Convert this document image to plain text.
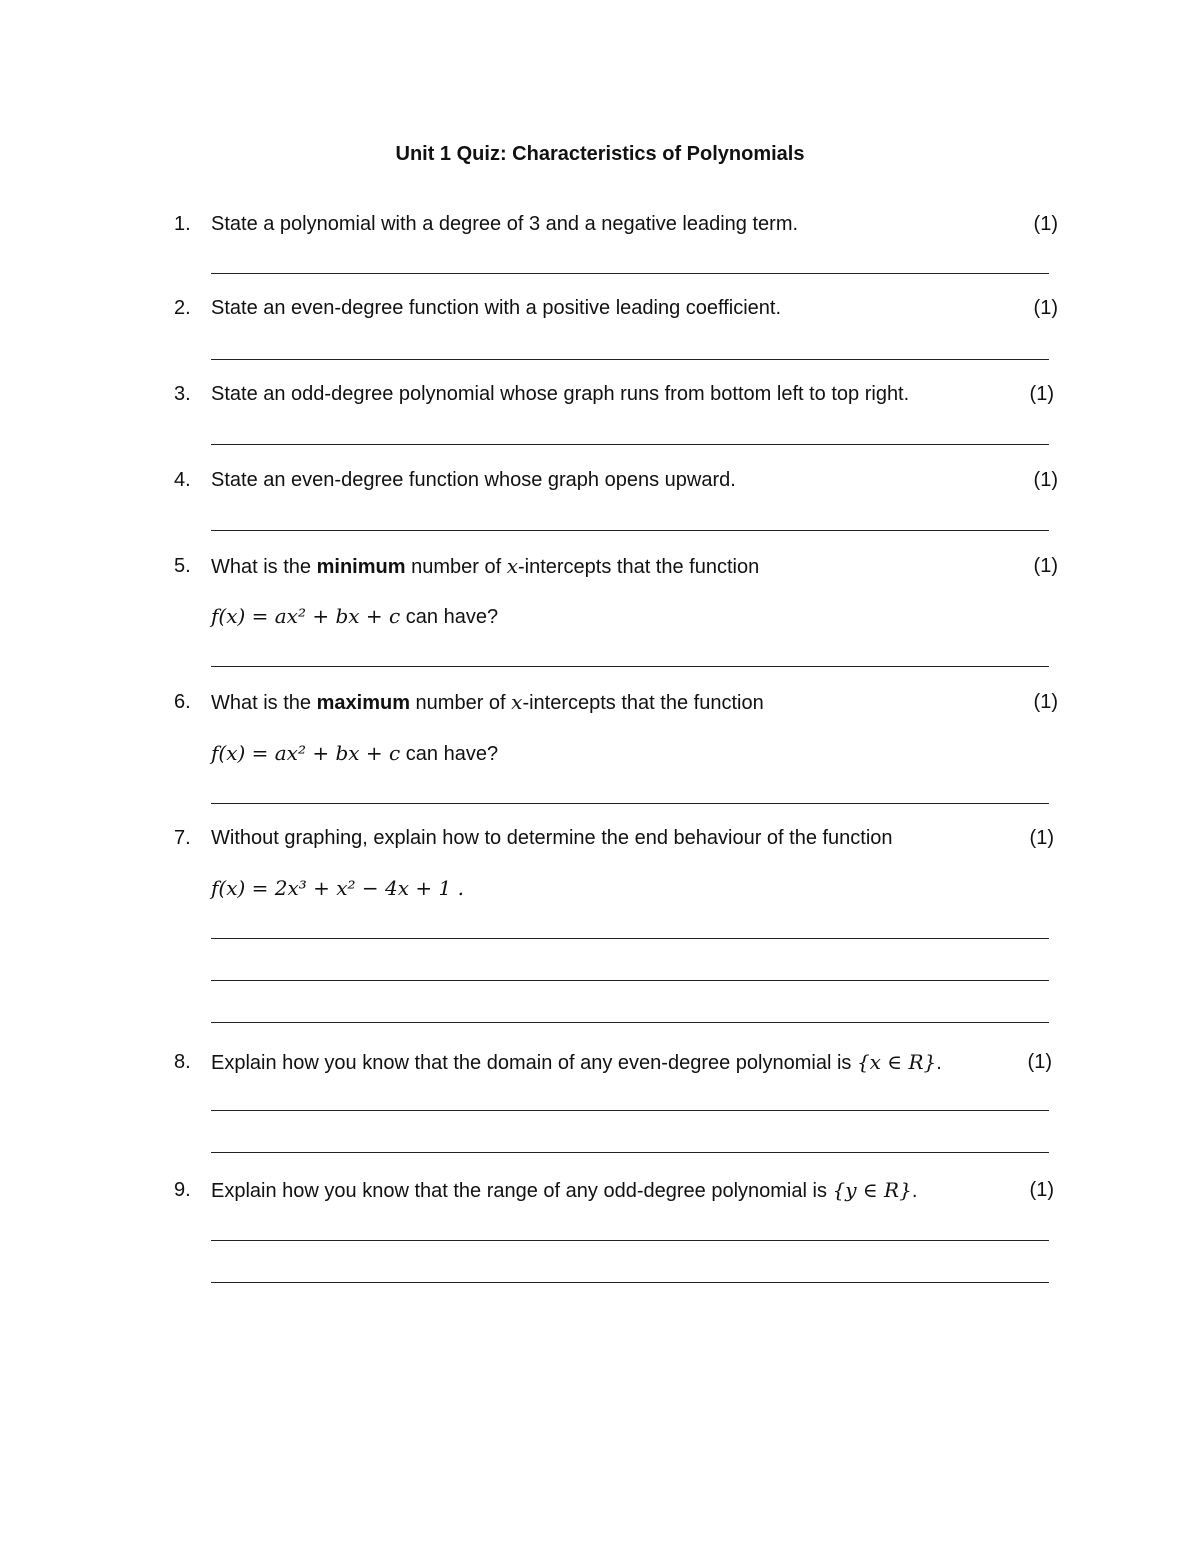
Unit 1 Quiz: Characteristics of Polynomials
1.	State a polynomial with a degree of 3 and a negative leading term.	(1)
2.	State an even-degree function with a positive leading coefficient.	(1)
3.	State an odd-degree polynomial whose graph runs from bottom left to top right.	(1)
4.	State an even-degree function whose graph opens upward.	(1)
5.	What is the minimum number of x-intercepts that the function	(1)
f(x) = ax² + bx + c can have?
6.	What is the maximum number of x-intercepts that the function	(1)
f(x) = ax² + bx + c can have?
7.	Without graphing, explain how to determine the end behaviour of the function	(1)
f(x) = 2x³ + x² − 4x + 1 .
8.	Explain how you know that the domain of any even-degree polynomial is {x ∈ R}.	(1)
9.	Explain how you know that the range of any odd-degree polynomial is {y ∈ R}.	(1)
